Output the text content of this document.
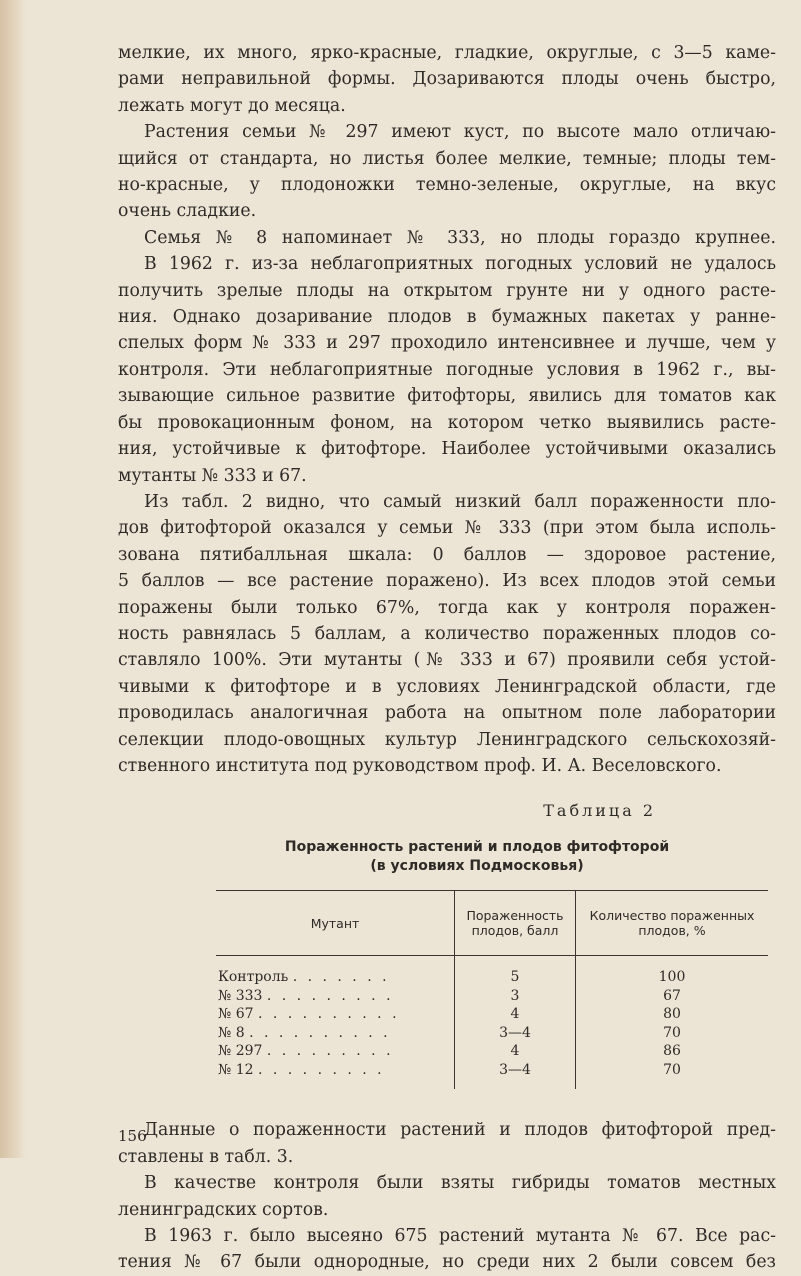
мелкие, их много, ярко-красные, гладкие, округлые, с 3—5 каме-

рами неправильной формы. Дозариваются плоды очень быстро,

лежать могут до месяца.

Растения семьи № 297 имеют куст, по высоте мало отличаю-

щийся от стандарта, но листья более мелкие, темные; плоды тем-

но-красные, у плодоножки темно-зеленые, округлые, на вкус

очень сладкие.

Семья № 8 напоминает № 333, но плоды гораздо крупнее.

В 1962 г. из-за неблагоприятных погодных условий не удалось

получить зрелые плоды на открытом грунте ни у одного расте-

ния. Однако дозаривание плодов в бумажных пакетах у ранне-

спелых форм № 333 и 297 проходило интенсивнее и лучше, чем у

контроля. Эти неблагоприятные погодные условия в 1962 г., вы-

зывающие сильное развитие фитофторы, явились для томатов как

бы провокационным фоном, на котором четко выявились расте-

ния, устойчивые к фитофторе. Наиболее устойчивыми оказались

мутанты № 333 и 67.

Из табл. 2 видно, что самый низкий балл пораженности пло-

дов фитофторой оказался у семьи № 333 (при этом была исполь-

зована пятибалльная шкала: 0 баллов — здоровое растение,

5 баллов — все растение поражено). Из всех плодов этой семьи

поражены были только 67%, тогда как у контроля поражен-

ность равнялась 5 баллам, а количество пораженных плодов со-

ставляло 100%. Эти мутанты (№ 333 и 67) проявили себя устой-

чивыми к фитофторе и в условиях Ленинградской области, где

проводилась аналогичная работа на опытном поле лаборатории

селекции плодо-овощных культур Ленинградского сельскохозяй-

ственного института под руководством проф. И. А. Веселовского.

Таблица 2
Пораженность растений и плодов фитофторой
(в условиях Подмосковья)
Мутант	Пораженность плодов, балл	Количество пораженных плодов, %
Контроль . . . . . . .	5	100
№ 333 . . . . . . . . .	3	67
№ 67 . . . . . . . . . .	4	80
№ 8 . . . . . . . . . .	3—4	70
№ 297 . . . . . . . . .	4	86
№ 12 . . . . . . . . .	3—4	70

Данные о пораженности растений и плодов фитофторой пред-

ставлены в табл. 3.

В качестве контроля были взяты гибриды томатов местных

ленинградских сортов.

В 1963 г. было высеяно 675 растений мутанта № 67. Все рас-

тения № 67 были однородные, но среди них 2 были совсем без

156
